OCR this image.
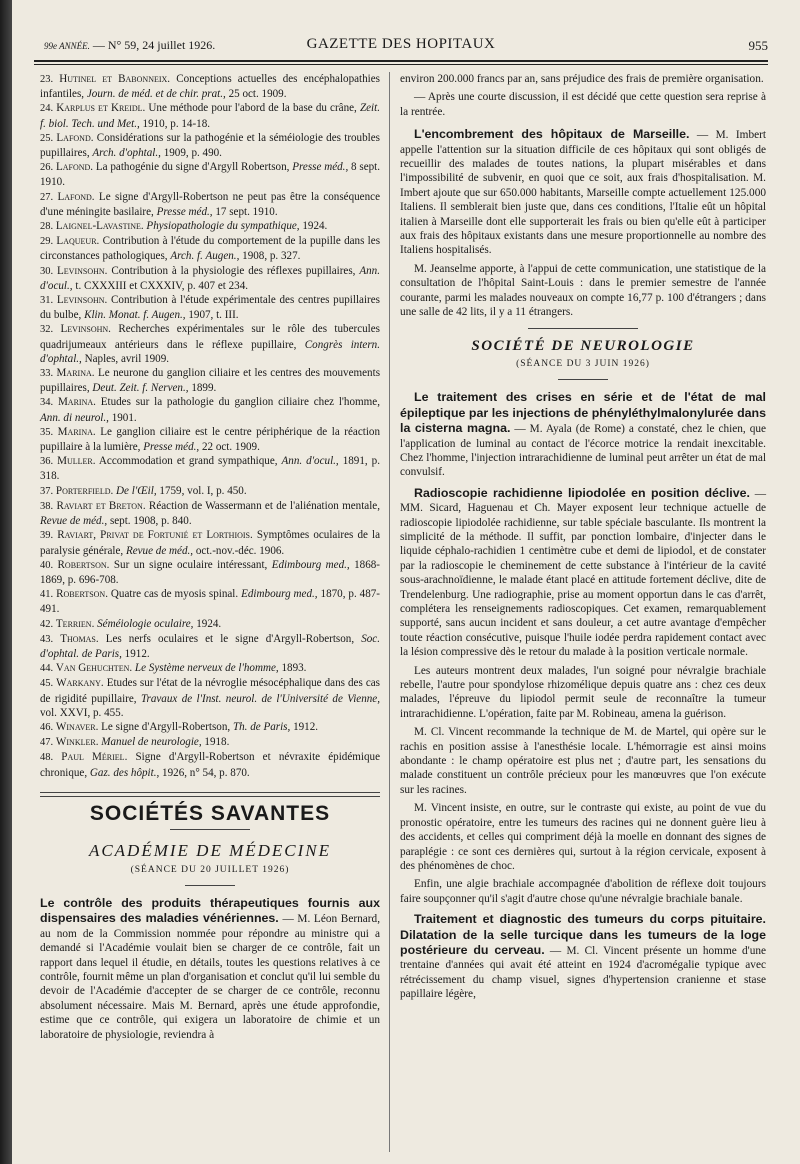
99e ANNÉE. — N° 59, 24 juillet 1926.	GAZETTE DES HOPITAUX	955

23. Hutinel et Babonneix. Conceptions actuelles des encéphalopathies infantiles, Journ. de méd. et de chir. prat., 25 oct. 1909.

24. Karplus et Kreidl. Une méthode pour l'abord de la base du crâne, Zeit. f. biol. Tech. und Met., 1910, p. 14-18.

25. Lafond. Considérations sur la pathogénie et la séméiologie des troubles pupillaires, Arch. d'ophtal., 1909, p. 490.

26. Lafond. La pathogénie du signe d'Argyll Robertson, Presse méd., 8 sept. 1910.

27. Lafond. Le signe d'Argyll-Robertson ne peut pas être la conséquence d'une méningite basilaire, Presse méd., 17 sept. 1910.

28. Laignel-Lavastine. Physiopathologie du sympathique, 1924.

29. Laqueur. Contribution à l'étude du comportement de la pupille dans les circonstances pathologiques, Arch. f. Augen., 1908, p. 327.

30. Levinsohn. Contribution à la physiologie des réflexes pupillaires, Ann. d'ocul., t. CXXXIII et CXXXIV, p. 407 et 234.

31. Levinsohn. Contribution à l'étude expérimentale des centres pupillaires du bulbe, Klin. Monat. f. Augen., 1907, t. III.

32. Levinsohn. Recherches expérimentales sur le rôle des tubercules quadrijumeaux antérieurs dans le réflexe pupillaire, Congrès intern. d'ophtal., Naples, avril 1909.

33. Marina. Le neurone du ganglion ciliaire et les centres des mouvements pupillaires, Deut. Zeit. f. Nerven., 1899.

34. Marina. Etudes sur la pathologie du ganglion ciliaire chez l'homme, Ann. di neurol., 1901.

35. Marina. Le ganglion ciliaire est le centre périphérique de la réaction pupillaire à la lumière, Presse méd., 22 oct. 1909.

36. Muller. Accommodation et grand sympathique, Ann. d'ocul., 1891, p. 318.

37. Porterfield. De l'Œil, 1759, vol. I, p. 450.

38. Raviart et Breton. Réaction de Wassermann et de l'aliénation mentale, Revue de méd., sept. 1908, p. 840.

39. Raviart, Privat de Fortunié et Lorthiois. Symptômes oculaires de la paralysie générale, Revue de méd., oct.-nov.-déc. 1906.

40. Robertson. Sur un signe oculaire intéressant, Edimbourg med., 1868-1869, p. 696-708.

41. Robertson. Quatre cas de myosis spinal. Edimbourg med., 1870, p. 487-491.

42. Terrien. Séméiologie oculaire, 1924.

43. Thomas. Les nerfs oculaires et le signe d'Argyll-Robertson, Soc. d'ophtal. de Paris, 1912.

44. Van Gehuchten. Le Système nerveux de l'homme, 1893.

45. Warkany. Etudes sur l'état de la névroglie mésocéphalique dans des cas de rigidité pupillaire, Travaux de l'Inst. neurol. de l'Université de Vienne, vol. XXVI, p. 455.

46. Winaver. Le signe d'Argyll-Robertson, Th. de Paris, 1912.

47. Winkler. Manuel de neurologie, 1918.

48. Paul Mériel. Signe d'Argyll-Robertson et névraxite épidémique chronique, Gaz. des hôpit., 1926, n° 54, p. 870.

SOCIÉTÉS SAVANTES
ACADÉMIE DE MÉDECINE
(SÉANCE DU 20 JUILLET 1926)

Le contrôle des produits thérapeutiques fournis aux dispensaires des maladies vénériennes. — M. Léon Bernard, au nom de la Commission nommée pour répondre au ministre qui a demandé si l'Académie voulait bien se charger de ce contrôle, fait un rapport dans lequel il étudie, en détails, toutes les questions relatives à ce contrôle, fournit même un plan d'organisation et conclut qu'il lui semble du devoir de l'Académie d'accepter de se charger de ce contrôle, reconnu absolument nécessaire. Mais M. Bernard, après une étude approfondie, estime que ce contrôle, qui exigera un laboratoire de chimie et un laboratoire de physiologie, reviendra à

environ 200.000 francs par an, sans préjudice des frais de première organisation.

— Après une courte discussion, il est décidé que cette question sera reprise à la rentrée.

L'encombrement des hôpitaux de Marseille. — M. Imbert appelle l'attention sur la situation difficile de ces hôpitaux qui sont obligés de recueillir des malades de toutes nations, la plupart misérables et dans l'impossibilité de subvenir, en quoi que ce soit, aux frais d'hospitalisation. M. Imbert ajoute que sur 650.000 habitants, Marseille compte actuellement 125.000 Italiens. Il semblerait bien juste que, dans ces conditions, l'Italie eût un hôpital italien à Marseille dont elle supporterait les frais ou bien qu'elle eût à participer aux frais des hôpitaux existants dans une mesure proportionnelle au nombre des Italiens hospitalisés.

M. Jeanselme apporte, à l'appui de cette communication, une statistique de la consultation de l'hôpital Saint-Louis : dans le premier semestre de l'année courante, parmi les malades nouveaux on compte 16,77 p. 100 d'étrangers ; dans une salle de 42 lits, il y a 11 étrangers.

SOCIÉTÉ DE NEUROLOGIE
(SÉANCE DU 3 JUIN 1926)

Le traitement des crises en série et de l'état de mal épileptique par les injections de phényléthylmalonylurée dans la cisterna magna. — M. Ayala (de Rome) a constaté, chez le chien, que l'application de luminal au contact de l'écorce motrice la rendait inexcitable. Chez l'homme, l'injection intrarachidienne de luminal peut arrêter un état de mal convulsif.

Radioscopie rachidienne lipiodolée en position déclive. — MM. Sicard, Haguenau et Ch. Mayer exposent leur technique actuelle de radioscopie lipiodolée rachidienne, sur table spéciale basculante. Ils montrent la simplicité de la méthode. Il suffit, par ponction lombaire, d'injecter dans le liquide céphalo-rachidien 1 centimètre cube et demi de lipiodol, et de constater par la radioscopie le cheminement de cette substance à l'intérieur de la cavité sous-arachnoïdienne, le malade étant placé en attitude fortement déclive, dite de Trendelenburg. Une radiographie, prise au moment opportun dans le cas d'arrêt, complétera les renseignements radioscopiques. Cet examen, remarquablement supporté, sans aucun incident et sans douleur, a cet autre avantage d'empêcher toute réaction consécutive, puisque l'huile iodée perdra rapidement contact avec la lésion compressive dès le retour du malade à la position verticale normale.

Les auteurs montrent deux malades, l'un soigné pour névralgie brachiale rebelle, l'autre pour spondylose rhizomélique depuis quatre ans : chez ces deux malades, l'épreuve du lipiodol permit seule de reconnaître la tumeur intrarachidienne. L'opération, faite par M. Robineau, amena la guérison.

M. Cl. Vincent recommande la technique de M. de Martel, qui opère sur le rachis en position assise à l'anesthésie locale. L'hémorragie est ainsi moins abondante : le champ opératoire est plus net ; d'autre part, les sensations du malade constituent un contrôle précieux pour les manœuvres que l'on exécute sur les racines.

M. Vincent insiste, en outre, sur le contraste qui existe, au point de vue du pronostic opératoire, entre les tumeurs des racines qui ne donnent guère lieu à des accidents, et celles qui compriment déjà la moelle en donnant des signes de paraplégie : ce sont ces dernières qui, surtout à la région cervicale, exposent à des phénomènes de choc.

Enfin, une algie brachiale accompagnée d'abolition de réflexe doit toujours faire soupçonner qu'il s'agit d'autre chose qu'une névralgie brachiale banale.

Traitement et diagnostic des tumeurs du corps pituitaire. Dilatation de la selle turcique dans les tumeurs de la loge postérieure du cerveau. — M. Cl. Vincent présente un homme d'une trentaine d'années qui avait été atteint en 1924 d'acromégalie typique avec rétrécissement du champ visuel, signes d'hypertension cranienne et stase papillaire légère,
